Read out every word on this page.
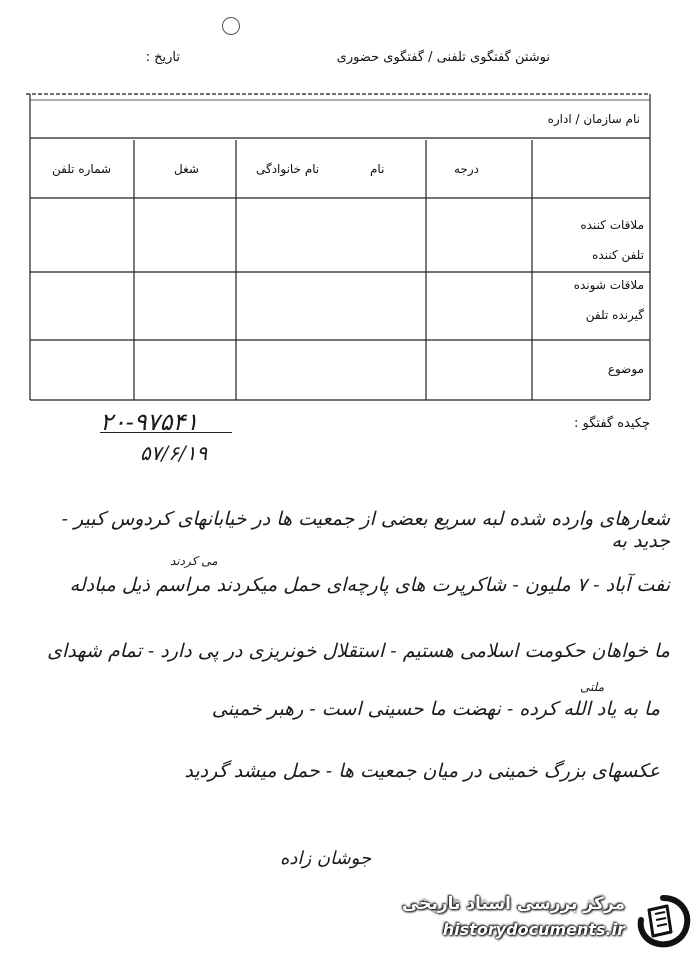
نوشتن گفتگوی تلفنی / گفتگوی حضوری
تاریخ :
نام سازمان / اداره
درجه
نام
نام خانوادگی
شغل
شماره تلفن
ملاقات کننده
تلفن کننده
ملاقات شونده
گیرنده تلفن
موضوع
چکیده گفتگو :
۲۰-۹۷۵۴۱
۵۷/۶/۱۹
شعارهای وارده شده لبه سریع بعضی از جمعیت ها در خیابانهای کردوس کبیر - جدید به
می کردند
نفت آباد - ۷ ملیون - شاکرپرت های پارچه‌ای حمل میکردند مراسم ذیل مبادله
ما خواهان حکومت اسلامی هستیم - استقلال خونریزی در پی دارد - تمام شهدای
ملتی
ما به یاد الله کرده - نهضت ما حسینی است - رهبر خمینی
عکسهای بزرگ خمینی در میان جمعیت ها - حمل میشد گردید
جوشان زاده
مرکز بررسی اسناد تاریخی
historydocuments.ir
